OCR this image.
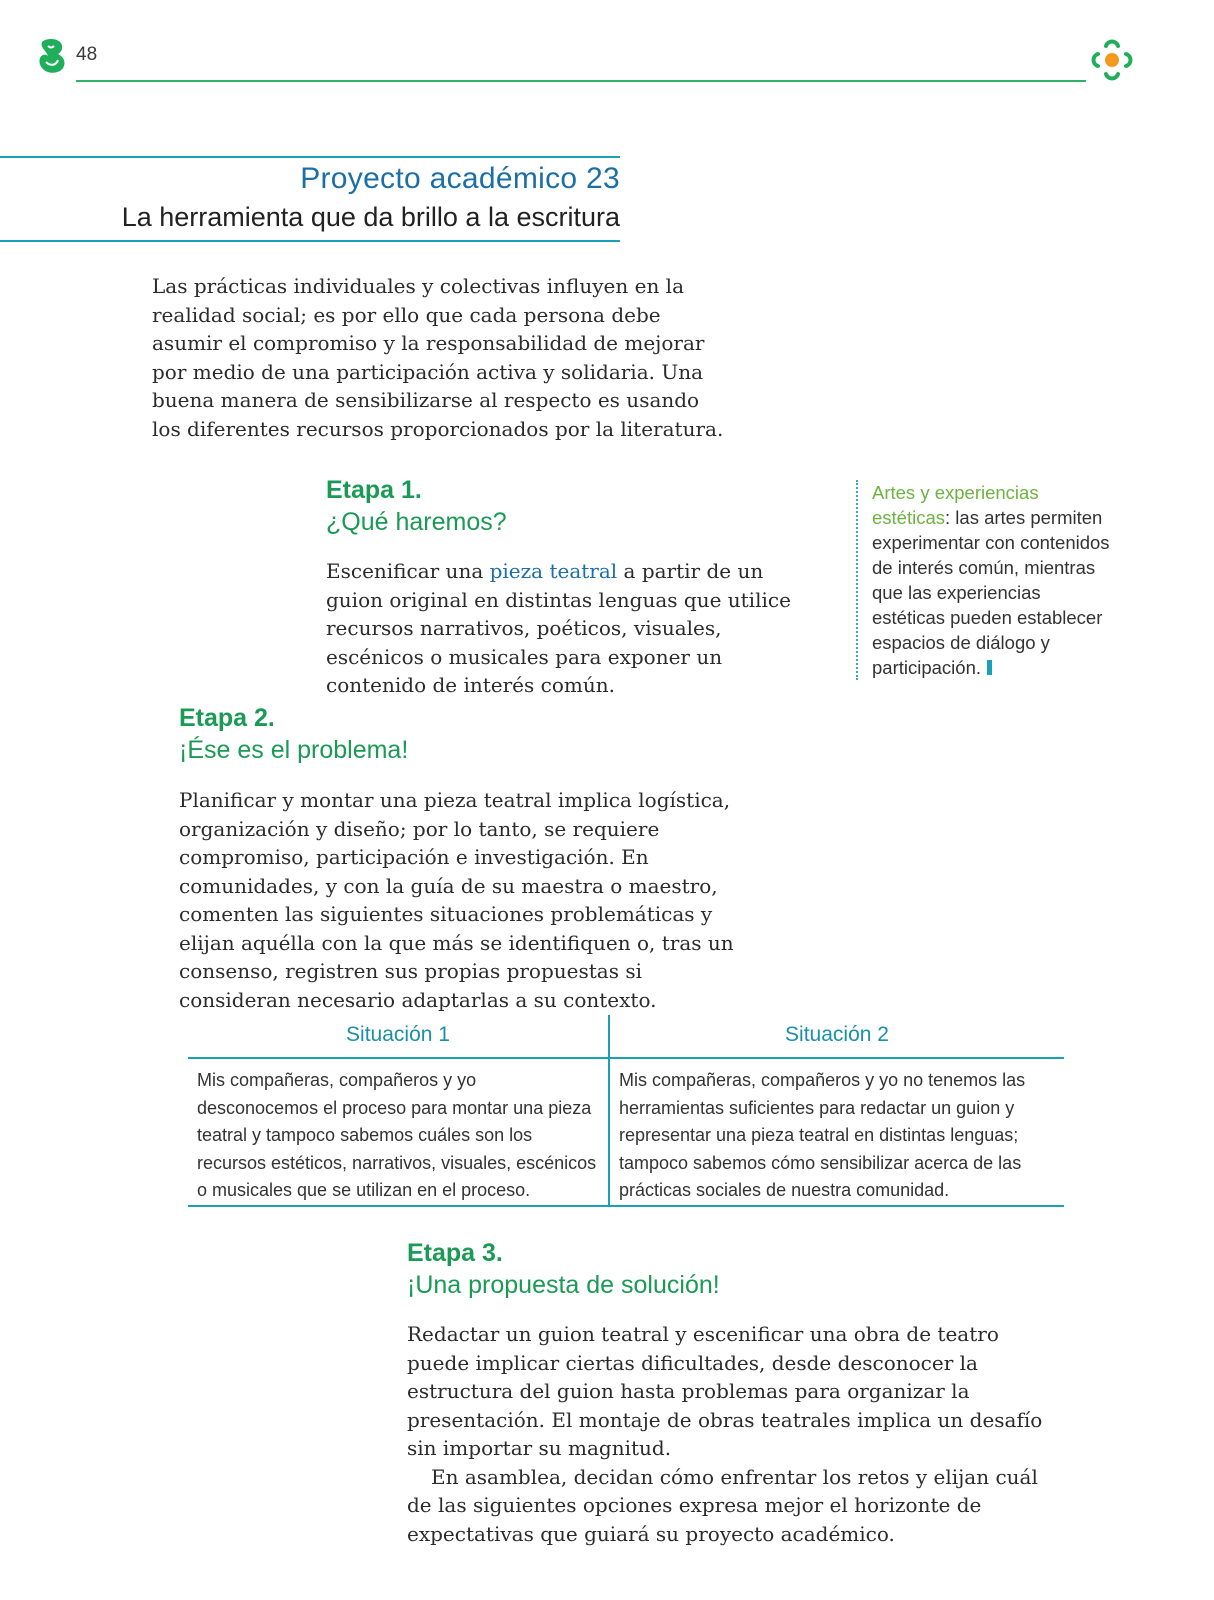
48
Proyecto académico 23
La herramienta que da brillo a la escritura
Las prácticas individuales y colectivas influyen en la realidad social; es por ello que cada persona debe asumir el compromiso y la responsabilidad de mejorar por medio de una participación activa y solidaria. Una buena manera de sensibilizarse al respecto es usando los diferentes recursos proporcionados por la literatura.
Etapa 1.
¿Qué haremos?
Escenificar una pieza teatral a partir de un guion original en distintas lenguas que utilice recursos narrativos, poéticos, visuales, escénicos o musicales para exponer un contenido de interés común.
Artes y experiencias estéticas: las artes permiten experimentar con contenidos de interés común, mientras que las experiencias estéticas pueden establecer espacios de diálogo y participación.
Etapa 2.
¡Ése es el problema!
Planificar y montar una pieza teatral implica logística, organización y diseño; por lo tanto, se requiere compromiso, participación e investigación. En comunidades, y con la guía de su maestra o maestro, comenten las siguientes situaciones problemáticas y elijan aquélla con la que más se identifiquen o, tras un consenso, registren sus propias propuestas si consideran necesario adaptarlas a su contexto.
Situación 1
Mis compañeras, compañeros y yo desconocemos el proceso para montar una pieza teatral y tampoco sabemos cuáles son los recursos estéticos, narrativos, visuales, escénicos o musicales que se utilizan en el proceso.
Situación 2
Mis compañeras, compañeros y yo no tenemos las herramientas suficientes para redactar un guion y representar una pieza teatral en distintas lenguas; tampoco sabemos cómo sensibilizar acerca de las prácticas sociales de nuestra comunidad.
Etapa 3.
¡Una propuesta de solución!

Redactar un guion teatral y escenificar una obra de teatro puede implicar ciertas dificultades, desde desconocer la estructura del guion hasta problemas para organizar la presentación. El montaje de obras teatrales implica un desafío sin importar su magnitud.

En asamblea, decidan cómo enfrentar los retos y elijan cuál de las siguientes opciones expresa mejor el horizonte de expectativas que guiará su proyecto académico.
